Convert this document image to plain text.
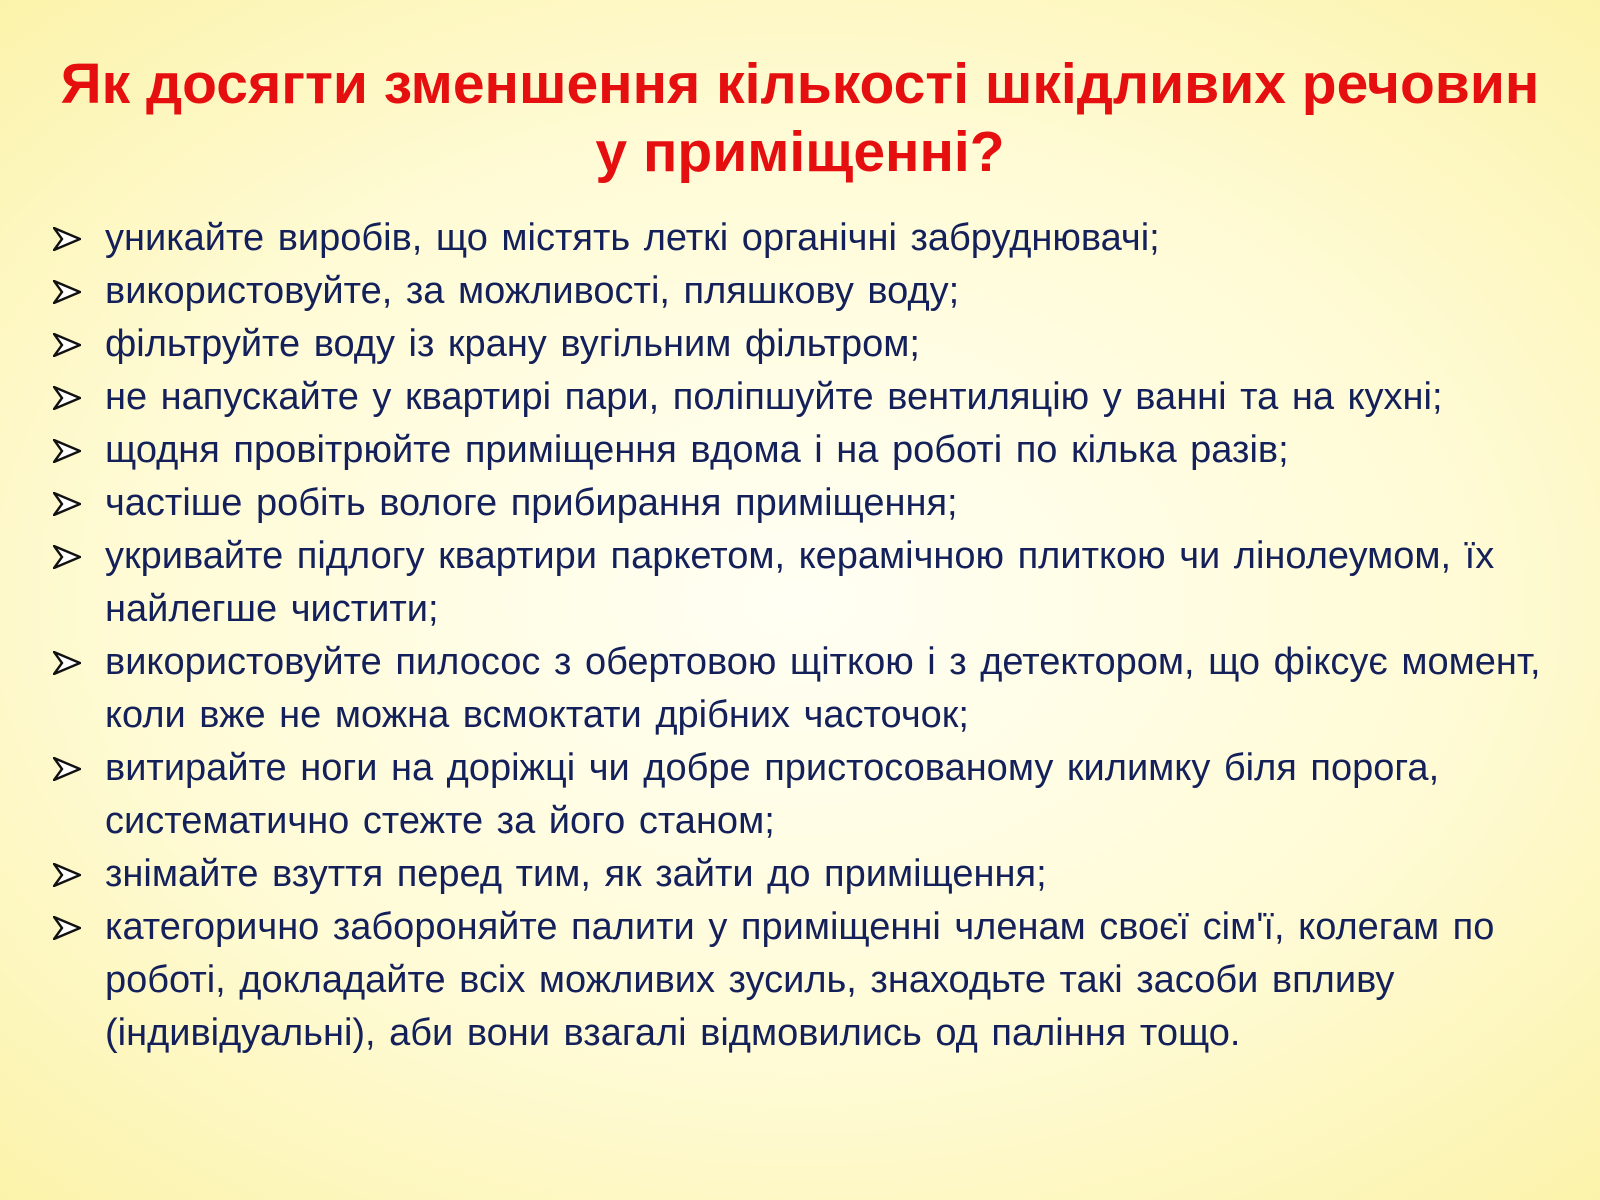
Як досягти зменшення кількості шкідливих речовин у приміщенні?
уникайте виробів, що містять леткі органічні забруднювачі;
використовуйте, за можливості, пляшкову воду;
фільтруйте воду із крану вугільним фільтром;
не напускайте у квартирі пари, поліпшуйте вентиляцію у ванні та на кухні;
щодня провітрюйте приміщення вдома і на роботі по кілька разів;
частіше робіть вологе прибирання приміщення;
укривайте підлогу квартири паркетом, керамічною плиткою чи лінолеумом, їх найлегше чистити;
використовуйте пилосос з обертовою щіткою і з детектором, що фіксує момент, коли вже не можна всмоктати дрібних часточок;
витирайте ноги на доріжці чи добре пристосованому килимку біля порога, систематично стежте за його станом;
знімайте взуття перед тим, як зайти до приміщення;
категорично забороняйте палити у приміщенні членам своєї сім'ї, колегам по роботі, докладайте всіх можливих зусиль, знаходьте такі засоби впливу (індивідуальні), аби вони взагалі відмовились од паління тощо.
